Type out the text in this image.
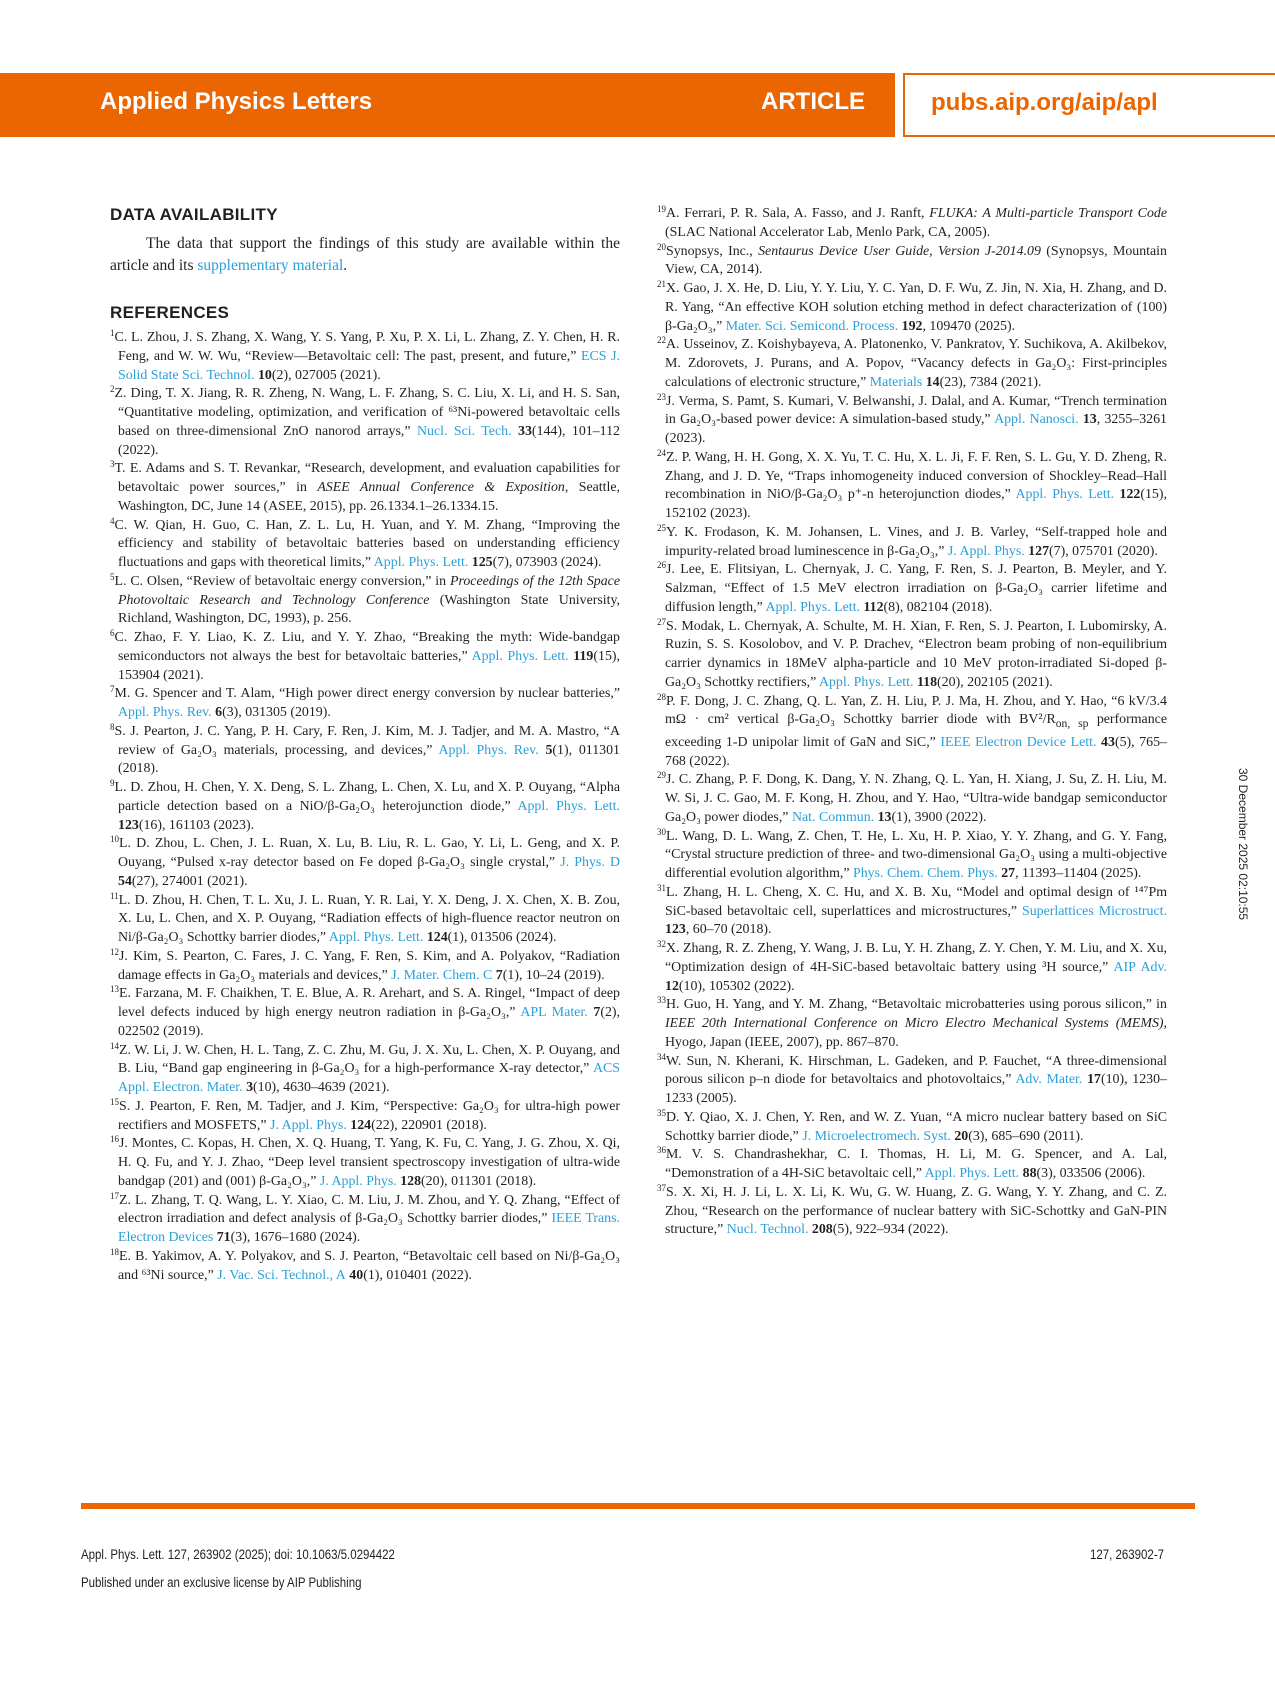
Applied Physics Letters	ARTICLE	pubs.aip.org/aip/apl
DATA AVAILABILITY

The data that support the findings of this study are available within the article and its supplementary material.

REFERENCES

$^1$C. L. Zhou, J. S. Zhang, X. Wang, Y. S. Yang, P. Xu, P. X. Li, L. Zhang, Z. Y. Chen, H. R. Feng, and W. W. Wu, “Review—Betavoltaic cell: The past, present, and future,” ECS J. Solid State Sci. Technol. 10(2), 027005 (2021).

$^2$Z. Ding, T. X. Jiang, R. R. Zheng, N. Wang, L. F. Zhang, S. C. Liu, X. Li, and H. S. San, “Quantitative modeling, optimization, and verification of ⁶³Ni-powered betavoltaic cells based on three-dimensional ZnO nanorod arrays,” Nucl. Sci. Tech. 33(144), 101–112 (2022).

$^3$T. E. Adams and S. T. Revankar, “Research, development, and evaluation capabilities for betavoltaic power sources,” in ASEE Annual Conference & Exposition, Seattle, Washington, DC, June 14 (ASEE, 2015), pp. 26.1334.1–26.1334.15.

$^4$C. W. Qian, H. Guo, C. Han, Z. L. Lu, H. Yuan, and Y. M. Zhang, “Improving the efficiency and stability of betavoltaic batteries based on understanding efficiency fluctuations and gaps with theoretical limits,” Appl. Phys. Lett. 125(7), 073903 (2024).

$^5$L. C. Olsen, “Review of betavoltaic energy conversion,” in Proceedings of the 12th Space Photovoltaic Research and Technology Conference (Washington State University, Richland, Washington, DC, 1993), p. 256.

$^6$C. Zhao, F. Y. Liao, K. Z. Liu, and Y. Y. Zhao, “Breaking the myth: Wide-bandgap semiconductors not always the best for betavoltaic batteries,” Appl. Phys. Lett. 119(15), 153904 (2021).

$^7$M. G. Spencer and T. Alam, “High power direct energy conversion by nuclear batteries,” Appl. Phys. Rev. 6(3), 031305 (2019).

$^8$S. J. Pearton, J. C. Yang, P. H. Cary, F. Ren, J. Kim, M. J. Tadjer, and M. A. Mastro, “A review of Ga₂O₃ materials, processing, and devices,” Appl. Phys. Rev. 5(1), 011301 (2018).

$^9$L. D. Zhou, H. Chen, Y. X. Deng, S. L. Zhang, L. Chen, X. Lu, and X. P. Ouyang, “Alpha particle detection based on a NiO/β-Ga₂O₃ heterojunction diode,” Appl. Phys. Lett. 123(16), 161103 (2023).

$^{10}$L. D. Zhou, L. Chen, J. L. Ruan, X. Lu, B. Liu, R. L. Gao, Y. Li, L. Geng, and X. P. Ouyang, “Pulsed x-ray detector based on Fe doped β-Ga₂O₃ single crystal,” J. Phys. D 54(27), 274001 (2021).

$^{11}$L. D. Zhou, H. Chen, T. L. Xu, J. L. Ruan, Y. R. Lai, Y. X. Deng, J. X. Chen, X. B. Zou, X. Lu, L. Chen, and X. P. Ouyang, “Radiation effects of high-fluence reactor neutron on Ni/β-Ga₂O₃ Schottky barrier diodes,” Appl. Phys. Lett. 124(1), 013506 (2024).

$^{12}$J. Kim, S. Pearton, C. Fares, J. C. Yang, F. Ren, S. Kim, and A. Polyakov, “Radiation damage effects in Ga₂O₃ materials and devices,” J. Mater. Chem. C 7(1), 10–24 (2019).

$^{13}$E. Farzana, M. F. Chaikhen, T. E. Blue, A. R. Arehart, and S. A. Ringel, “Impact of deep level defects induced by high energy neutron radiation in β-Ga₂O₃,” APL Mater. 7(2), 022502 (2019).

$^{14}$Z. W. Li, J. W. Chen, H. L. Tang, Z. C. Zhu, M. Gu, J. X. Xu, L. Chen, X. P. Ouyang, and B. Liu, “Band gap engineering in β-Ga₂O₃ for a high-performance X-ray detector,” ACS Appl. Electron. Mater. 3(10), 4630–4639 (2021).

$^{15}$S. J. Pearton, F. Ren, M. Tadjer, and J. Kim, “Perspective: Ga₂O₃ for ultra-high power rectifiers and MOSFETS,” J. Appl. Phys. 124(22), 220901 (2018).

$^{16}$J. Montes, C. Kopas, H. Chen, X. Q. Huang, T. Yang, K. Fu, C. Yang, J. G. Zhou, X. Qi, H. Q. Fu, and Y. J. Zhao, “Deep level transient spectroscopy investigation of ultra-wide bandgap (201) and (001) β-Ga₂O₃,” J. Appl. Phys. 128(20), 011301 (2018).

$^{17}$Z. L. Zhang, T. Q. Wang, L. Y. Xiao, C. M. Liu, J. M. Zhou, and Y. Q. Zhang, “Effect of electron irradiation and defect analysis of β-Ga₂O₃ Schottky barrier diodes,” IEEE Trans. Electron Devices 71(3), 1676–1680 (2024).

$^{18}$E. B. Yakimov, A. Y. Polyakov, and S. J. Pearton, “Betavoltaic cell based on Ni/β-Ga₂O₃ and ⁶³Ni source,” J. Vac. Sci. Technol., A 40(1), 010401 (2022).

$^{19}$A. Ferrari, P. R. Sala, A. Fasso, and J. Ranft, FLUKA: A Multi-particle Transport Code (SLAC National Accelerator Lab, Menlo Park, CA, 2005).

$^{20}$Synopsys, Inc., Sentaurus Device User Guide, Version J-2014.09 (Synopsys, Mountain View, CA, 2014).

$^{21}$X. Gao, J. X. He, D. Liu, Y. Y. Liu, Y. C. Yan, D. F. Wu, Z. Jin, N. Xia, H. Zhang, and D. R. Yang, “An effective KOH solution etching method in defect characterization of (100) β-Ga₂O₃,” Mater. Sci. Semicond. Process. 192, 109470 (2025).

$^{22}$A. Usseinov, Z. Koishybayeva, A. Platonenko, V. Pankratov, Y. Suchikova, A. Akilbekov, M. Zdorovets, J. Purans, and A. Popov, “Vacancy defects in Ga₂O₃: First-principles calculations of electronic structure,” Materials 14(23), 7384 (2021).

$^{23}$J. Verma, S. Pamt, S. Kumari, V. Belwanshi, J. Dalal, and A. Kumar, “Trench termination in Ga₂O₃-based power device: A simulation-based study,” Appl. Nanosci. 13, 3255–3261 (2023).

$^{24}$Z. P. Wang, H. H. Gong, X. X. Yu, T. C. Hu, X. L. Ji, F. F. Ren, S. L. Gu, Y. D. Zheng, R. Zhang, and J. D. Ye, “Traps inhomogeneity induced conversion of Shockley–Read–Hall recombination in NiO/β-Ga₂O₃ p⁺-n heterojunction diodes,” Appl. Phys. Lett. 122(15), 152102 (2023).

$^{25}$Y. K. Frodason, K. M. Johansen, L. Vines, and J. B. Varley, “Self-trapped hole and impurity-related broad luminescence in β-Ga₂O₃,” J. Appl. Phys. 127(7), 075701 (2020).

$^{26}$J. Lee, E. Flitsiyan, L. Chernyak, J. C. Yang, F. Ren, S. J. Pearton, B. Meyler, and Y. Salzman, “Effect of 1.5 MeV electron irradiation on β-Ga₂O₃ carrier lifetime and diffusion length,” Appl. Phys. Lett. 112(8), 082104 (2018).

$^{27}$S. Modak, L. Chernyak, A. Schulte, M. H. Xian, F. Ren, S. J. Pearton, I. Lubomirsky, A. Ruzin, S. S. Kosolobov, and V. P. Drachev, “Electron beam probing of non-equilibrium carrier dynamics in 18MeV alpha-particle and 10 MeV proton-irradiated Si-doped β-Ga₂O₃ Schottky rectifiers,” Appl. Phys. Lett. 118(20), 202105 (2021).

$^{28}$P. F. Dong, J. C. Zhang, Q. L. Yan, Z. H. Liu, P. J. Ma, H. Zhou, and Y. Hao, “6 kV/3.4 mΩ · cm² vertical β-Ga₂O₃ Schottky barrier diode with BV²/$R_{on, sp}$ performance exceeding 1-D unipolar limit of GaN and SiC,” IEEE Electron Device Lett. 43(5), 765–768 (2022).

$^{29}$J. C. Zhang, P. F. Dong, K. Dang, Y. N. Zhang, Q. L. Yan, H. Xiang, J. Su, Z. H. Liu, M. W. Si, J. C. Gao, M. F. Kong, H. Zhou, and Y. Hao, “Ultra-wide bandgap semiconductor Ga₂O₃ power diodes,” Nat. Commun. 13(1), 3900 (2022).

$^{30}$L. Wang, D. L. Wang, Z. Chen, T. He, L. Xu, H. P. Xiao, Y. Y. Zhang, and G. Y. Fang, “Crystal structure prediction of three- and two-dimensional Ga₂O₃ using a multi-objective differential evolution algorithm,” Phys. Chem. Chem. Phys. 27, 11393–11404 (2025).

$^{31}$L. Zhang, H. L. Cheng, X. C. Hu, and X. B. Xu, “Model and optimal design of ¹⁴⁷Pm SiC-based betavoltaic cell, superlattices and microstructures,” Superlattices Microstruct. 123, 60–70 (2018).

$^{32}$X. Zhang, R. Z. Zheng, Y. Wang, J. B. Lu, Y. H. Zhang, Z. Y. Chen, Y. M. Liu, and X. Xu, “Optimization design of 4H-SiC-based betavoltaic battery using ³H source,” AIP Adv. 12(10), 105302 (2022).

$^{33}$H. Guo, H. Yang, and Y. M. Zhang, “Betavoltaic microbatteries using porous silicon,” in IEEE 20th International Conference on Micro Electro Mechanical Systems (MEMS), Hyogo, Japan (IEEE, 2007), pp. 867–870.

$^{34}$W. Sun, N. Kherani, K. Hirschman, L. Gadeken, and P. Fauchet, “A three-dimensional porous silicon p–n diode for betavoltaics and photovoltaics,” Adv. Mater. 17(10), 1230–1233 (2005).

$^{35}$D. Y. Qiao, X. J. Chen, Y. Ren, and W. Z. Yuan, “A micro nuclear battery based on SiC Schottky barrier diode,” J. Microelectromech. Syst. 20(3), 685–690 (2011).

$^{36}$M. V. S. Chandrashekhar, C. I. Thomas, H. Li, M. G. Spencer, and A. Lal, “Demonstration of a 4H-SiC betavoltaic cell,” Appl. Phys. Lett. 88(3), 033506 (2006).

$^{37}$S. X. Xi, H. J. Li, L. X. Li, K. Wu, G. W. Huang, Z. G. Wang, Y. Y. Zhang, and C. Z. Zhou, “Research on the performance of nuclear battery with SiC-Schottky and GaN-PIN structure,” Nucl. Technol. 208(5), 922–934 (2022).

Appl. Phys. Lett. 127, 263902 (2025); doi: 10.1063/5.0294422	127, 263902-7
Published under an exclusive license by AIP Publishing
30 December 2025 02:10:55
